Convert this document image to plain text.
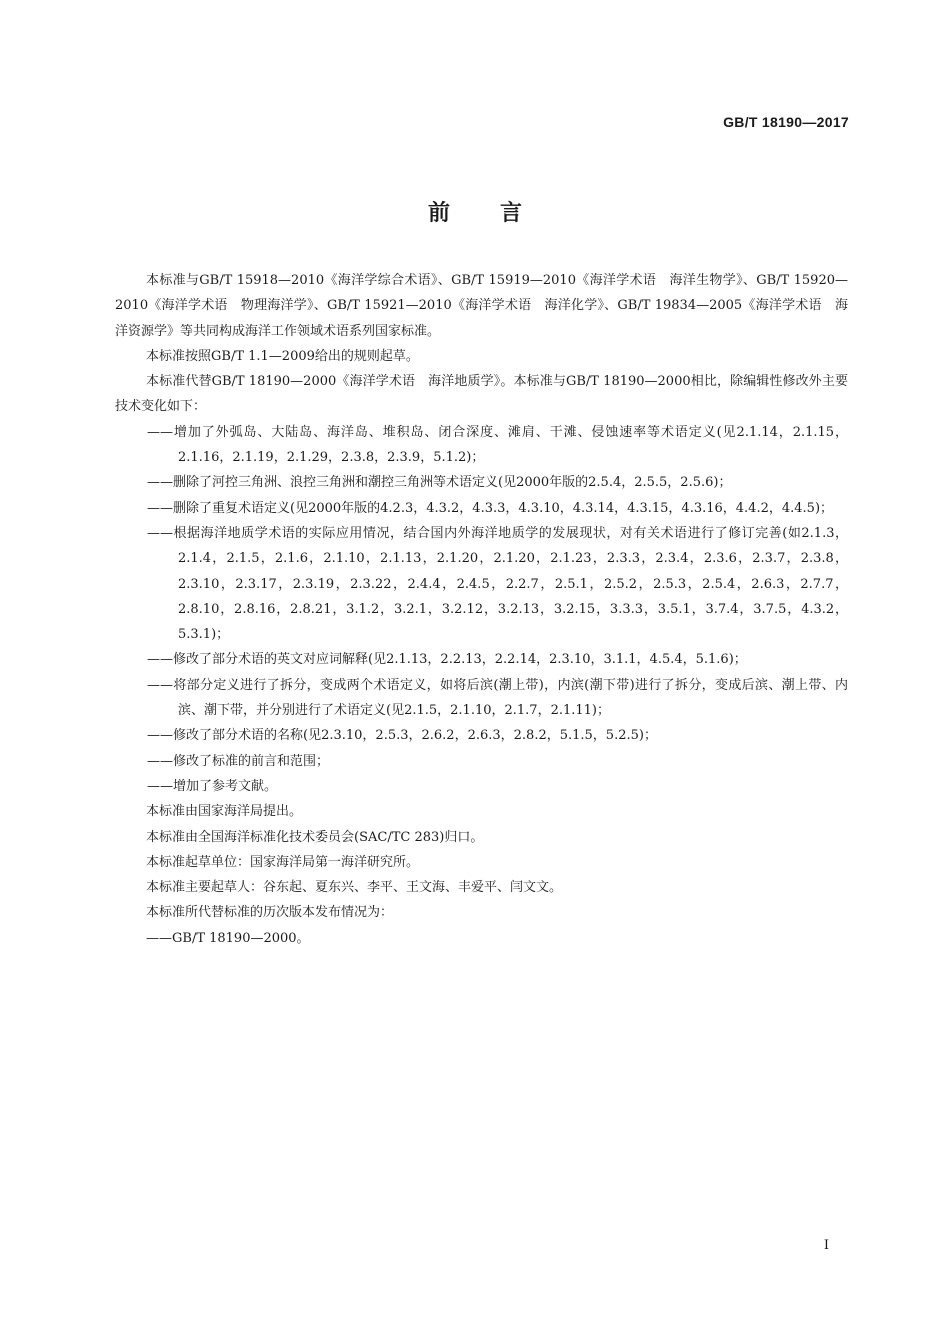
GB/T 18190—2017
前言

本标准与GB/T 15918—2010《海洋学综合术语》、GB/T 15919—2010《海洋学术语　海洋生物学》、GB/T 15920—2010《海洋学术语　物理海洋学》、GB/T 15921—2010《海洋学术语　海洋化学》、GB/T 19834—2005《海洋学术语　海洋资源学》等共同构成海洋工作领域术语系列国家标准。

本标准按照GB/T 1.1—2009给出的规则起草。

本标准代替GB/T 18190—2000《海洋学术语　海洋地质学》。本标准与GB/T 18190—2000相比，除编辑性修改外主要技术变化如下：

——增加了外弧岛、大陆岛、海洋岛、堆积岛、闭合深度、滩肩、干滩、侵蚀速率等术语定义(见2.1.14，2.1.15，2.1.16，2.1.19，2.1.29，2.3.8，2.3.9，5.1.2)；

——删除了河控三角洲、浪控三角洲和潮控三角洲等术语定义(见2000年版的2.5.4，2.5.5，2.5.6)；

——删除了重复术语定义(见2000年版的4.2.3，4.3.2，4.3.3，4.3.10，4.3.14，4.3.15，4.3.16，4.4.2，4.4.5)；

——根据海洋地质学术语的实际应用情况，结合国内外海洋地质学的发展现状，对有关术语进行了修订完善(如2.1.3，2.1.4，2.1.5，2.1.6，2.1.10，2.1.13，2.1.20，2.1.20，2.1.23，2.3.3，2.3.4，2.3.6，2.3.7，2.3.8，2.3.10，2.3.17，2.3.19，2.3.22，2.4.4，2.4.5，2.2.7，2.5.1，2.5.2，2.5.3，2.5.4，2.6.3，2.7.7，2.8.10，2.8.16，2.8.21，3.1.2，3.2.1，3.2.12，3.2.13，3.2.15，3.3.3，3.5.1，3.7.4，3.7.5，4.3.2，5.3.1)；

——修改了部分术语的英文对应词解释(见2.1.13，2.2.13，2.2.14，2.3.10，3.1.1，4.5.4，5.1.6)；

——将部分定义进行了拆分，变成两个术语定义，如将后滨(潮上带)，内滨(潮下带)进行了拆分，变成后滨、潮上带、内滨、潮下带，并分别进行了术语定义(见2.1.5，2.1.10，2.1.7，2.1.11)；

——修改了部分术语的名称(见2.3.10，2.5.3，2.6.2，2.6.3，2.8.2，5.1.5，5.2.5)；

——修改了标准的前言和范围；

——增加了参考文献。

本标准由国家海洋局提出。

本标准由全国海洋标准化技术委员会(SAC/TC 283)归口。

本标准起草单位：国家海洋局第一海洋研究所。

本标准主要起草人：谷东起、夏东兴、李平、王文海、丰爱平、闫文文。

本标准所代替标准的历次版本发布情况为：

——GB/T 18190—2000。

I
